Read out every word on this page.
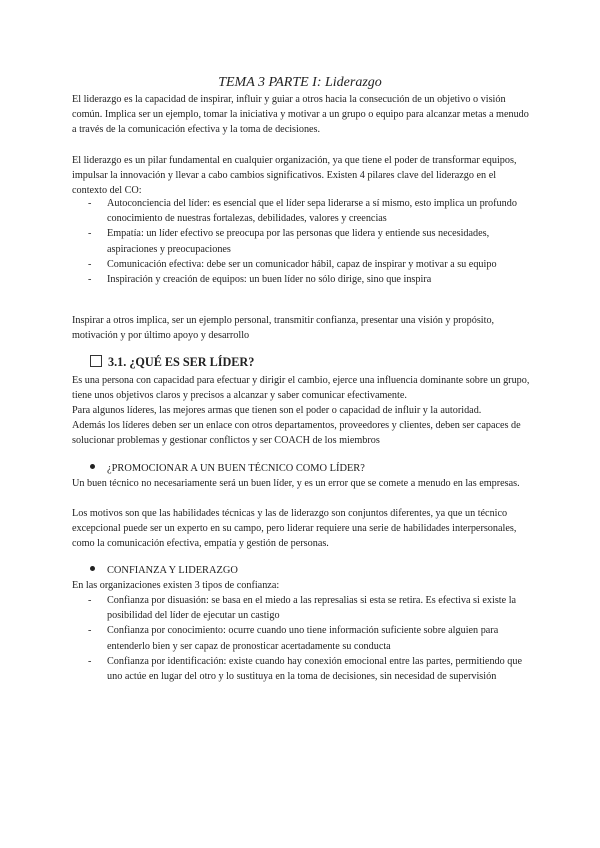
TEMA 3 PARTE I: Liderazgo

El liderazgo es la capacidad de inspirar, influir y guiar a otros hacia la consecución de un objetivo o visión común. Implica ser un ejemplo, tomar la iniciativa y motivar a un grupo o equipo para alcanzar metas a menudo a través de la comunicación efectiva y la toma de decisiones.

El liderazgo es un pilar fundamental en cualquier organización, ya que tiene el poder de transformar equipos, impulsar la innovación y llevar a cabo cambios significativos. Existen 4 pilares clave del liderazgo en el contexto del CO:

- Autoconciencia del líder: es esencial que el líder sepa liderarse a sí mismo, esto implica un profundo conocimiento de nuestras fortalezas, debilidades, valores y creencias
- Empatía: un líder efectivo se preocupa por las personas que lidera y entiende sus necesidades, aspiraciones y preocupaciones
- Comunicación efectiva: debe ser un comunicador hábil, capaz de inspirar y motivar a su equipo
- Inspiración y creación de equipos: un buen líder no sólo dirige, sino que inspira

Inspirar a otros implica, ser un ejemplo personal, transmitir confianza, presentar una visión y propósito, motivación y por último apoyo y desarrollo

3.1. ¿QUÉ ES SER LÍDER?

Es una persona con capacidad para efectuar y dirigir el cambio, ejerce una influencia dominante sobre un grupo, tiene unos objetivos claros y precisos a alcanzar y saber comunicar efectivamente.

Para algunos líderes, las mejores armas que tienen son el poder o capacidad de influir y la autoridad.

Además los líderes deben ser un enlace con otros departamentos, proveedores y clientes, deben ser capaces de solucionar problemas y gestionar conflictos y ser COACH de los miembros

¿PROMOCIONAR A UN BUEN TÉCNICO COMO LÍDER?

Un buen técnico no necesariamente será un buen líder, y es un error que se comete a menudo en las empresas.

Los motivos son que las habilidades técnicas y las de liderazgo son conjuntos diferentes, ya que un técnico excepcional puede ser un experto en su campo, pero liderar requiere una serie de habilidades interpersonales, como la comunicación efectiva, empatía y gestión de personas.

CONFIANZA Y LIDERAZGO

En las organizaciones existen 3 tipos de confianza:

- Confianza por disuasión: se basa en el miedo a las represalias si esta se retira. Es efectiva si existe la posibilidad del líder de ejecutar un castigo
- Confianza por conocimiento: ocurre cuando uno tiene información suficiente sobre alguien para entenderlo bien y ser capaz de pronosticar acertadamente su conducta
- Confianza por identificación: existe cuando hay conexión emocional entre las partes, permitiendo que uno actúe en lugar del otro y lo sustituya en la toma de decisiones, sin necesidad de supervisión
